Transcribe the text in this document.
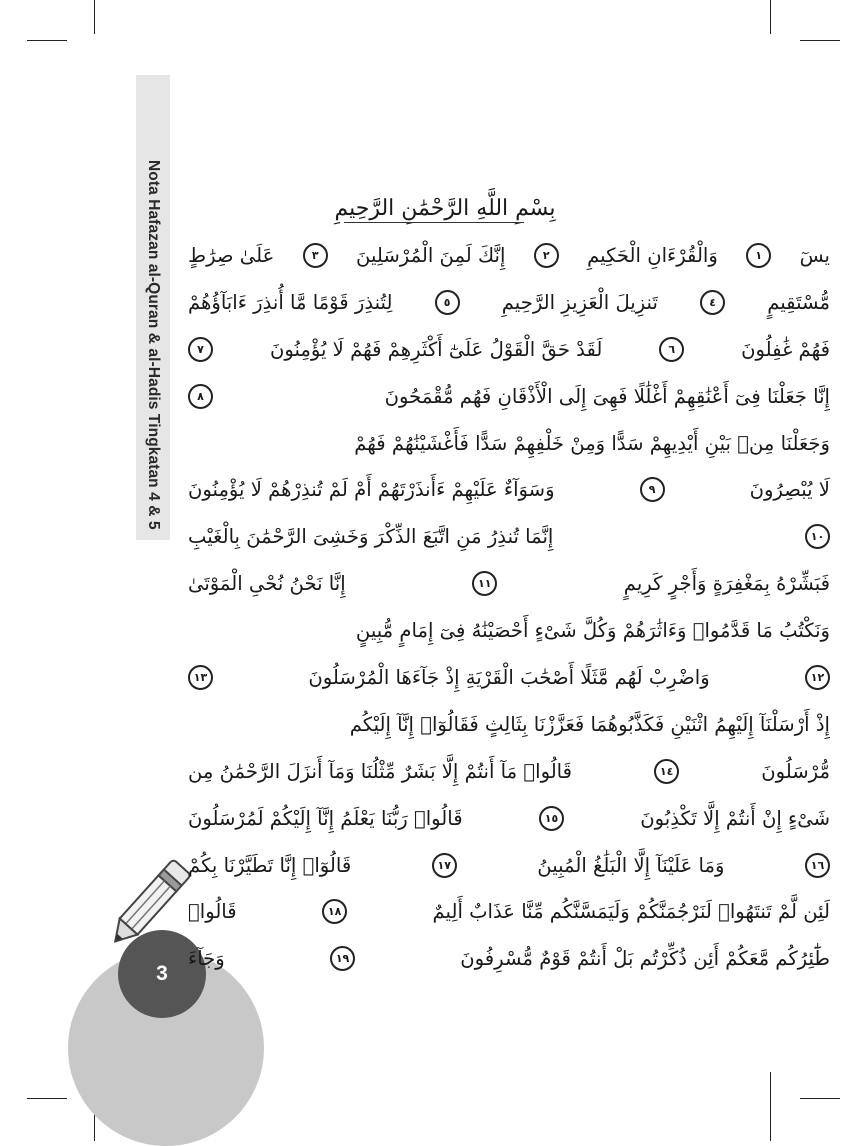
Nota Hafazan al-Quran & al-Hadis Tingkatan 4 & 5
3
بِسْمِ اللَّهِ الرَّحْمَٰنِ الرَّحِيمِ
يسٓ
١
وَالْقُرْءَانِ الْحَكِيمِ
٢
إِنَّكَ لَمِنَ الْمُرْسَلِينَ
٣
عَلَىٰ صِرَٰطٍ
مُّسْتَقِيمٍ
٤
تَنزِيلَ الْعَزِيزِ الرَّحِيمِ
٥
لِتُنذِرَ قَوْمًا مَّا أُنذِرَ ءَابَآؤُهُمْ
فَهُمْ غَٰفِلُونَ
٦
لَقَدْ حَقَّ الْقَوْلُ عَلَىٰٓ أَكْثَرِهِمْ فَهُمْ لَا يُؤْمِنُونَ
٧
إِنَّا جَعَلْنَا فِىٓ أَعْنَٰقِهِمْ أَغْلَٰلًا فَهِىَ إِلَى الْأَذْقَانِ فَهُم مُّقْمَحُونَ
٨
وَجَعَلْنَا مِنۢ بَيْنِ أَيْدِيهِمْ سَدًّا وَمِنْ خَلْفِهِمْ سَدًّا فَأَغْشَيْنَٰهُمْ فَهُمْ
لَا يُبْصِرُونَ
٩
وَسَوَآءٌ عَلَيْهِمْ ءَأَنذَرْتَهُمْ أَمْ لَمْ تُنذِرْهُمْ لَا يُؤْمِنُونَ
١٠
إِنَّمَا تُنذِرُ مَنِ اتَّبَعَ الذِّكْرَ وَخَشِىَ الرَّحْمَٰنَ بِالْغَيْبِ
فَبَشِّرْهُ بِمَغْفِرَةٍ وَأَجْرٍ كَرِيمٍ
١١
إِنَّا نَحْنُ نُحْىِ الْمَوْتَىٰ
وَنَكْتُبُ مَا قَدَّمُوا۟ وَءَاثَٰرَهُمْ وَكُلَّ شَىْءٍ أَحْصَيْنَٰهُ فِىٓ إِمَامٍ مُّبِينٍ
١٢
وَاضْرِبْ لَهُم مَّثَلًا أَصْحَٰبَ الْقَرْيَةِ إِذْ جَآءَهَا الْمُرْسَلُونَ
١٣
إِذْ أَرْسَلْنَآ إِلَيْهِمُ اثْنَيْنِ فَكَذَّبُوهُمَا فَعَزَّزْنَا بِثَالِثٍ فَقَالُوٓا۟ إِنَّآ إِلَيْكُم
مُّرْسَلُونَ
١٤
قَالُوا۟ مَآ أَنتُمْ إِلَّا بَشَرٌ مِّثْلُنَا وَمَآ أَنزَلَ الرَّحْمَٰنُ مِن
شَىْءٍ إِنْ أَنتُمْ إِلَّا تَكْذِبُونَ
١٥
قَالُوا۟ رَبُّنَا يَعْلَمُ إِنَّآ إِلَيْكُمْ لَمُرْسَلُونَ
١٦
وَمَا عَلَيْنَآ إِلَّا الْبَلَٰغُ الْمُبِينُ
١٧
قَالُوٓا۟ إِنَّا تَطَيَّرْنَا بِكُمْ
لَئِن لَّمْ تَنتَهُوا۟ لَنَرْجُمَنَّكُمْ وَلَيَمَسَّنَّكُم مِّنَّا عَذَابٌ أَلِيمٌ
١٨
قَالُوا۟
طَٰٓئِرُكُم مَّعَكُمْ أَئِن ذُكِّرْتُم بَلْ أَنتُمْ قَوْمٌ مُّسْرِفُونَ
١٩
وَجَآءَ
